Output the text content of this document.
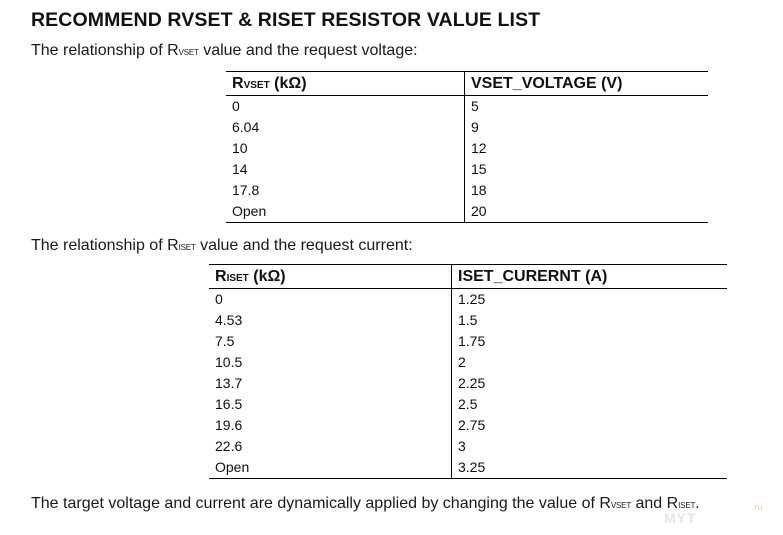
RECOMMEND RVSET & RISET RESISTOR VALUE LIST
The relationship of RVSET value and the request voltage:
RVSET (kΩ)	VSET_VOLTAGE (V)
0	5
6.04	9
10	12
14	15
17.8	18
Open	20
The relationship of RISET value and the request current:
RISET (kΩ)	ISET_CURERNT (A)
0	1.25
4.53	1.5
7.5	1.75
10.5	2
13.7	2.25
16.5	2.5
19.6	2.75
22.6	3
Open	3.25
The target voltage and current are dynamically applied by changing the value of RVSET and RISET.
MYT
.ru
